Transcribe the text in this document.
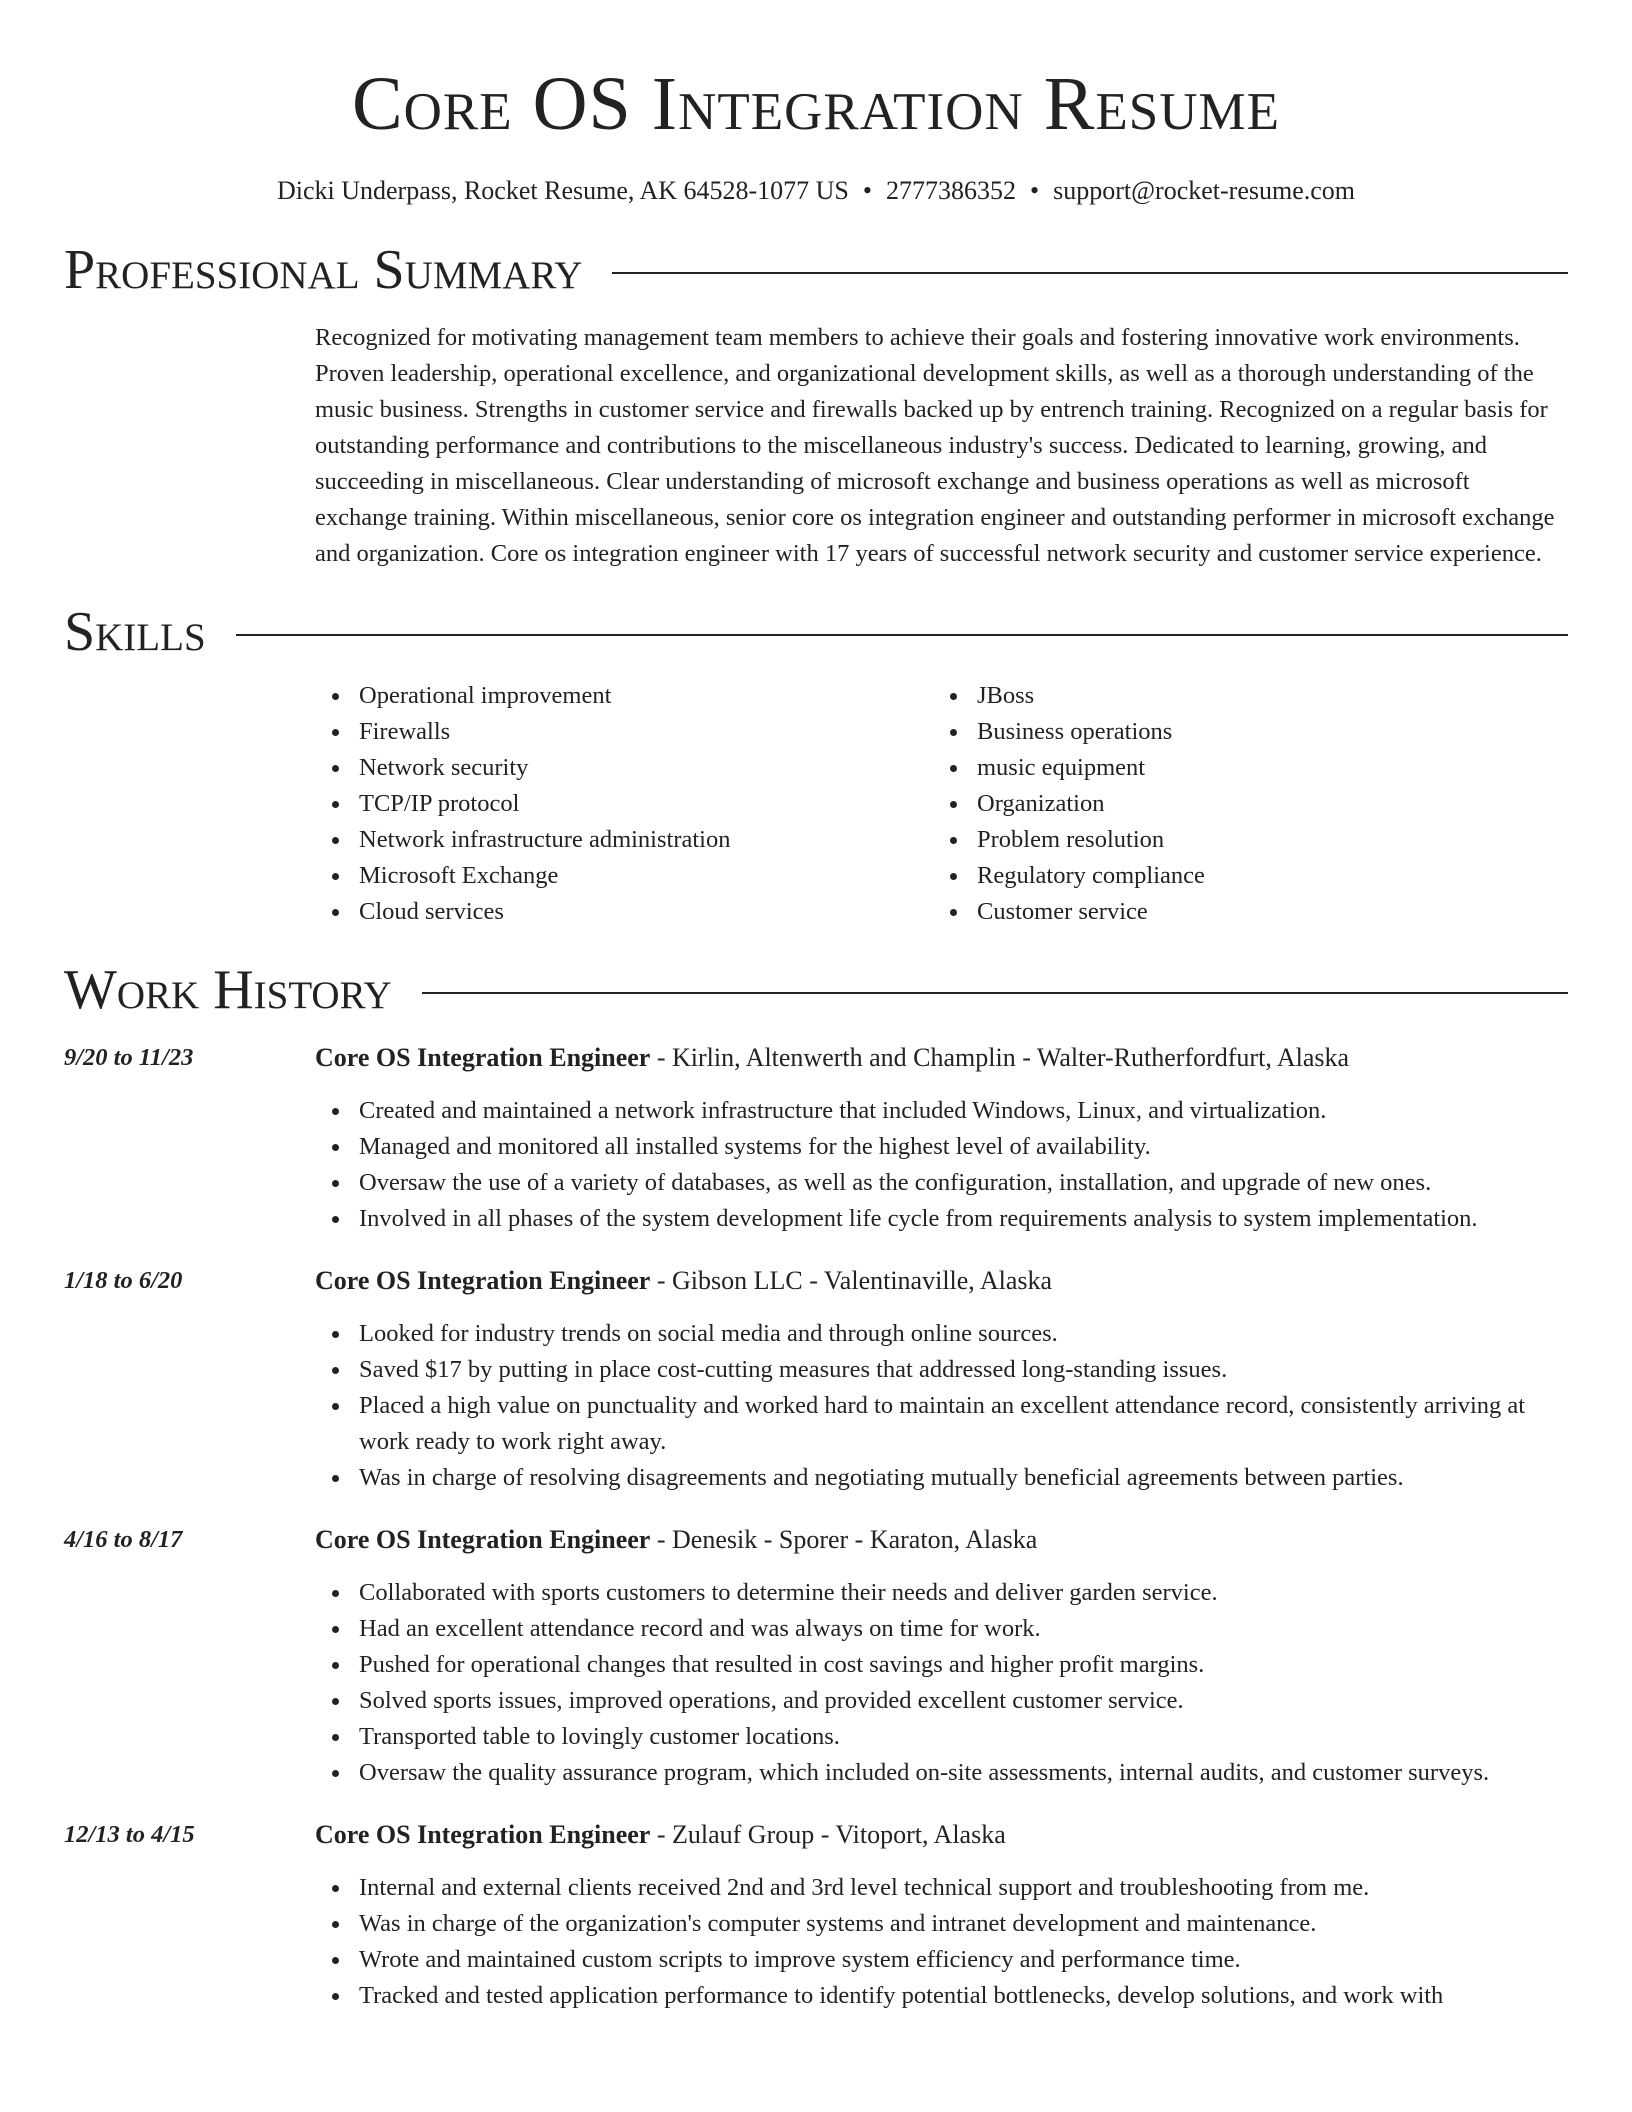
Core OS Integration Resume
Dicki Underpass, Rocket Resume, AK 64528-1077 US • 2777386352 • support@rocket-resume.com
Professional Summary
Recognized for motivating management team members to achieve their goals and fostering innovative work environments. Proven leadership, operational excellence, and organizational development skills, as well as a thorough understanding of the music business. Strengths in customer service and firewalls backed up by entrench training. Recognized on a regular basis for outstanding performance and contributions to the miscellaneous industry's success. Dedicated to learning, growing, and succeeding in miscellaneous. Clear understanding of microsoft exchange and business operations as well as microsoft exchange training. Within miscellaneous, senior core os integration engineer and outstanding performer in microsoft exchange and organization. Core os integration engineer with 17 years of successful network security and customer service experience.
Skills
Operational improvement
Firewalls
Network security
TCP/IP protocol
Network infrastructure administration
Microsoft Exchange
Cloud services
JBoss
Business operations
music equipment
Organization
Problem resolution
Regulatory compliance
Customer service
Work History
9/20 to 11/23	Core OS Integration Engineer - Kirlin, Altenwerth and Champlin - Walter-Rutherfordfurt, Alaska
Created and maintained a network infrastructure that included Windows, Linux, and virtualization.
Managed and monitored all installed systems for the highest level of availability.
Oversaw the use of a variety of databases, as well as the configuration, installation, and upgrade of new ones.
Involved in all phases of the system development life cycle from requirements analysis to system implementation.
1/18 to 6/20	Core OS Integration Engineer - Gibson LLC - Valentinaville, Alaska
Looked for industry trends on social media and through online sources.
Saved $17 by putting in place cost-cutting measures that addressed long-standing issues.
Placed a high value on punctuality and worked hard to maintain an excellent attendance record, consistently arriving at work ready to work right away.
Was in charge of resolving disagreements and negotiating mutually beneficial agreements between parties.
4/16 to 8/17	Core OS Integration Engineer - Denesik - Sporer - Karaton, Alaska
Collaborated with sports customers to determine their needs and deliver garden service.
Had an excellent attendance record and was always on time for work.
Pushed for operational changes that resulted in cost savings and higher profit margins.
Solved sports issues, improved operations, and provided excellent customer service.
Transported table to lovingly customer locations.
Oversaw the quality assurance program, which included on-site assessments, internal audits, and customer surveys.
12/13 to 4/15	Core OS Integration Engineer - Zulauf Group - Vitoport, Alaska
Internal and external clients received 2nd and 3rd level technical support and troubleshooting from me.
Was in charge of the organization's computer systems and intranet development and maintenance.
Wrote and maintained custom scripts to improve system efficiency and performance time.
Tracked and tested application performance to identify potential bottlenecks, develop solutions, and work with
